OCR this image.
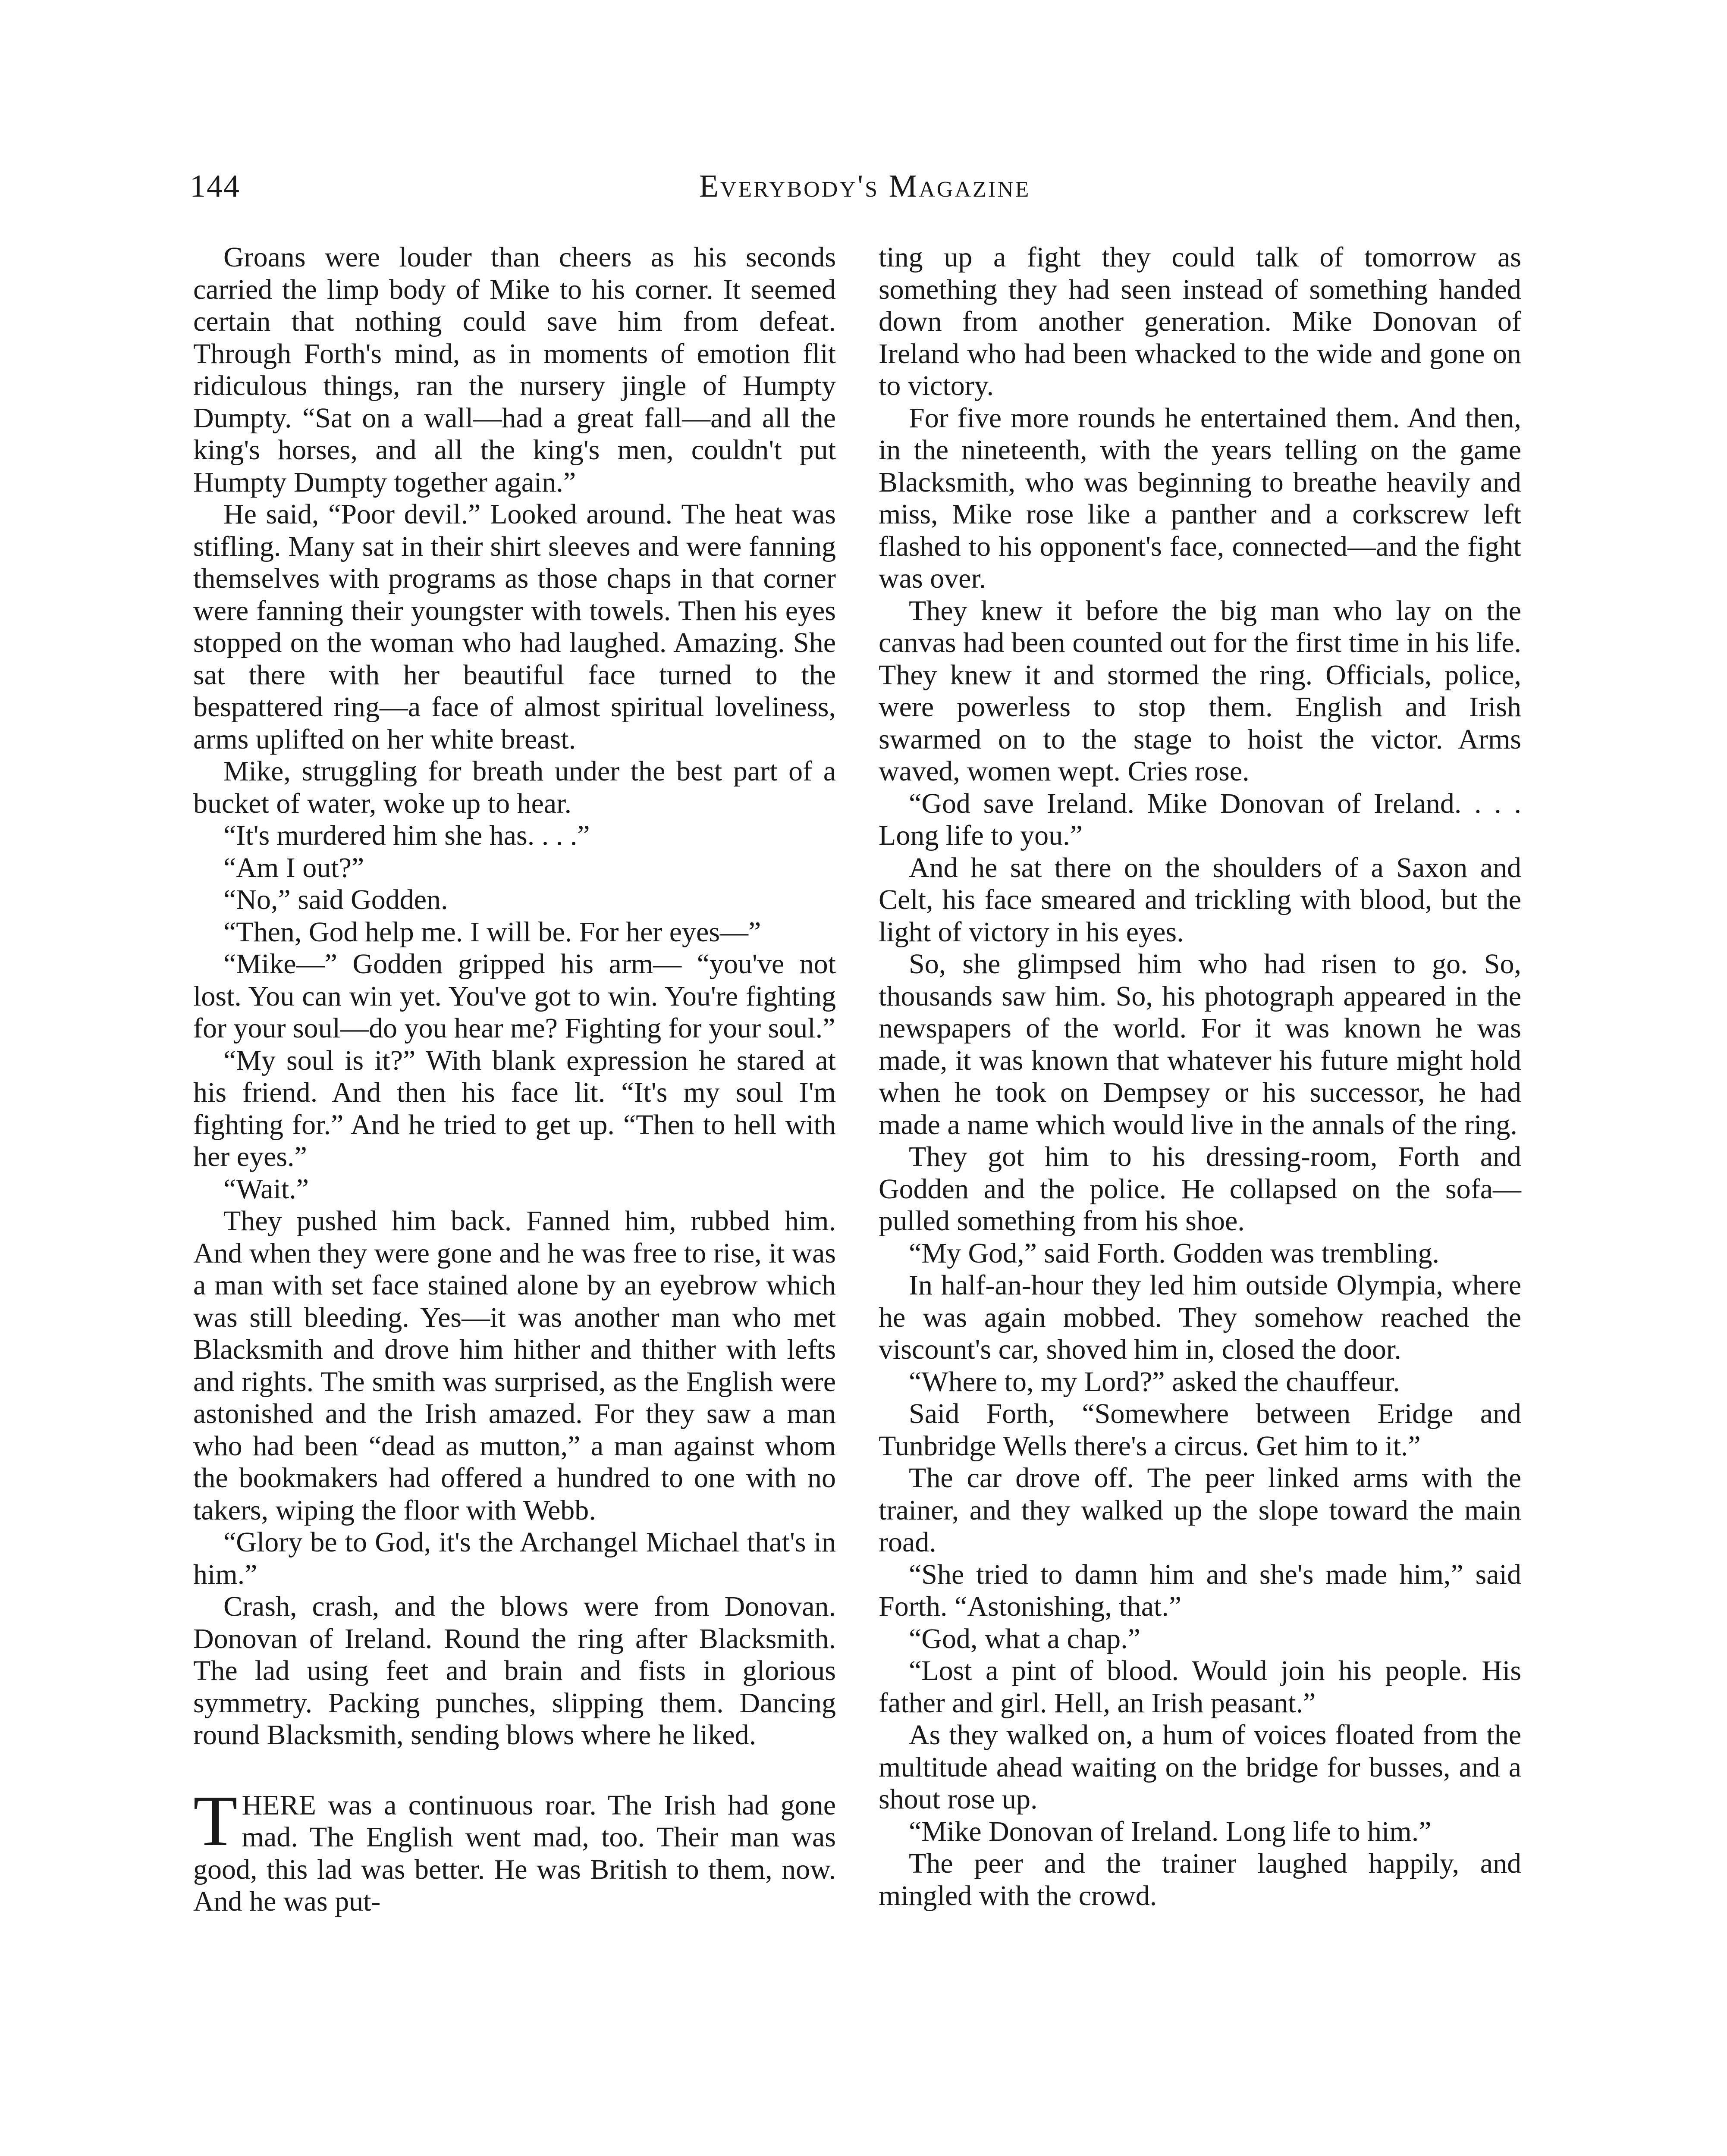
144	Everybody's Magazine

Groans were louder than cheers as his seconds carried the limp body of Mike to his corner. It seemed certain that nothing could save him from defeat. Through Forth's mind, as in moments of emotion flit ridiculous things, ran the nursery jingle of Humpty Dumpty. “Sat on a wall—had a great fall—and all the king's horses, and all the king's men, couldn't put Humpty Dumpty together again.”

He said, “Poor devil.” Looked around. The heat was stifling. Many sat in their shirt sleeves and were fanning themselves with programs as those chaps in that corner were fanning their youngster with towels. Then his eyes stopped on the woman who had laughed. Amazing. She sat there with her beautiful face turned to the bespattered ring—a face of almost spiritual loveliness, arms uplifted on her white breast.

Mike, struggling for breath under the best part of a bucket of water, woke up to hear.

“It's murdered him she has. . . .”

“Am I out?”

“No,” said Godden.

“Then, God help me. I will be. For her eyes—”

“Mike—” Godden gripped his arm— “you've not lost. You can win yet. You've got to win. You're fighting for your soul—do you hear me? Fighting for your soul.”

“My soul is it?” With blank expression he stared at his friend. And then his face lit. “It's my soul I'm fighting for.” And he tried to get up. “Then to hell with her eyes.”

“Wait.”

They pushed him back. Fanned him, rubbed him. And when they were gone and he was free to rise, it was a man with set face stained alone by an eyebrow which was still bleeding. Yes—it was another man who met Blacksmith and drove him hither and thither with lefts and rights. The smith was surprised, as the English were astonished and the Irish amazed. For they saw a man who had been “dead as mutton,” a man against whom the bookmakers had offered a hundred to one with no takers, wiping the floor with Webb.

“Glory be to God, it's the Archangel Michael that's in him.”

Crash, crash, and the blows were from Donovan. Donovan of Ireland. Round the ring after Blacksmith. The lad using feet and brain and fists in glorious symmetry. Packing punches, slipping them. Dancing round Blacksmith, sending blows where he liked.

THERE was a continuous roar. The Irish had gone mad. The English went mad, too. Their man was good, this lad was better. He was British to them, now. And he was put-

ting up a fight they could talk of tomorrow as something they had seen instead of something handed down from another generation. Mike Donovan of Ireland who had been whacked to the wide and gone on to victory.

For five more rounds he entertained them. And then, in the nineteenth, with the years telling on the game Blacksmith, who was beginning to breathe heavily and miss, Mike rose like a panther and a corkscrew left flashed to his opponent's face, connected—and the fight was over.

They knew it before the big man who lay on the canvas had been counted out for the first time in his life. They knew it and stormed the ring. Officials, police, were powerless to stop them. English and Irish swarmed on to the stage to hoist the victor. Arms waved, women wept. Cries rose.

“God save Ireland. Mike Donovan of Ireland. . . . Long life to you.”

And he sat there on the shoulders of a Saxon and Celt, his face smeared and trickling with blood, but the light of victory in his eyes.

So, she glimpsed him who had risen to go. So, thousands saw him. So, his photograph appeared in the newspapers of the world. For it was known he was made, it was known that whatever his future might hold when he took on Dempsey or his successor, he had made a name which would live in the annals of the ring.

They got him to his dressing-room, Forth and Godden and the police. He collapsed on the sofa—pulled something from his shoe.

“My God,” said Forth. Godden was trembling.

In half-an-hour they led him outside Olympia, where he was again mobbed. They somehow reached the viscount's car, shoved him in, closed the door.

“Where to, my Lord?” asked the chauffeur.

Said Forth, “Somewhere between Eridge and Tunbridge Wells there's a circus. Get him to it.”

The car drove off. The peer linked arms with the trainer, and they walked up the slope toward the main road.

“She tried to damn him and she's made him,” said Forth. “Astonishing, that.”

“God, what a chap.”

“Lost a pint of blood. Would join his people. His father and girl. Hell, an Irish peasant.”

As they walked on, a hum of voices floated from the multitude ahead waiting on the bridge for busses, and a shout rose up.

“Mike Donovan of Ireland. Long life to him.”

The peer and the trainer laughed happily, and mingled with the crowd.
